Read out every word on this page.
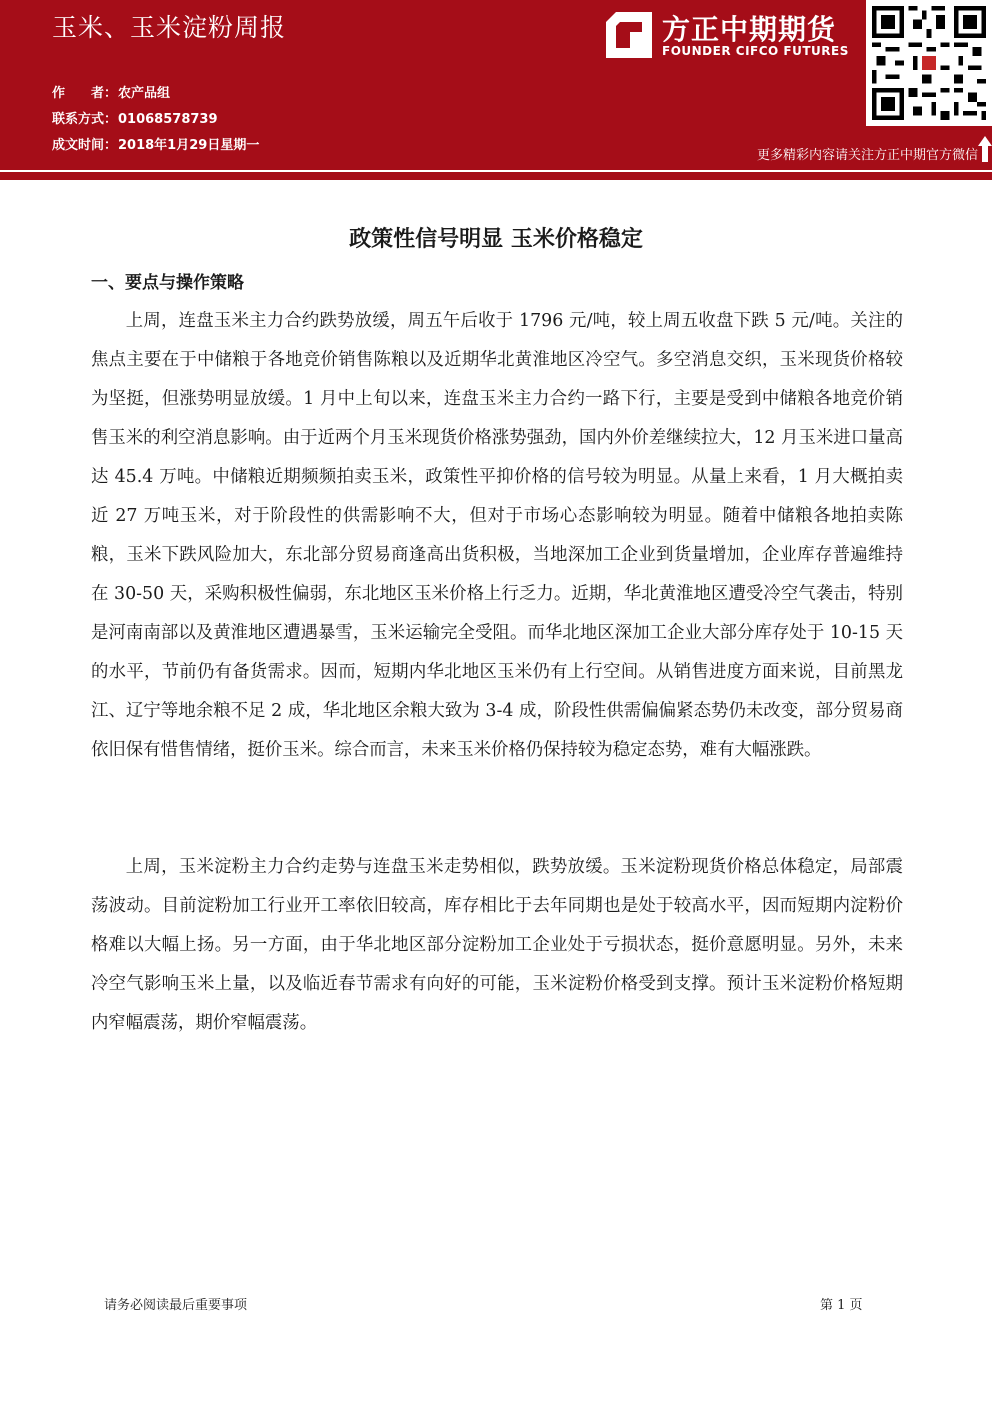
玉米、玉米淀粉周报
作　　者：农产品组
联系方式：01068578739
成文时间：2018年1月29日星期一
方正中期期货
FOUNDER CIFCO FUTURES
更多精彩内容请关注方正中期官方微信
政策性信号明显 玉米价格稳定
一、要点与操作策略

上周，连盘玉米主力合约跌势放缓，周五午后收于 1796 元/吨，较上周五收盘下跌 5 元/吨。关注的焦点主要在于中储粮于各地竞价销售陈粮以及近期华北黄淮地区冷空气。多空消息交织，玉米现货价格较为坚挺，但涨势明显放缓。1 月中上旬以来，连盘玉米主力合约一路下行，主要是受到中储粮各地竞价销售玉米的利空消息影响。由于近两个月玉米现货价格涨势强劲，国内外价差继续拉大，12 月玉米进口量高达 45.4 万吨。中储粮近期频频拍卖玉米，政策性平抑价格的信号较为明显。从量上来看，1 月大概拍卖近 27 万吨玉米，对于阶段性的供需影响不大，但对于市场心态影响较为明显。随着中储粮各地拍卖陈粮，玉米下跌风险加大，东北部分贸易商逢高出货积极，当地深加工企业到货量增加，企业库存普遍维持在 30-50 天，采购积极性偏弱，东北地区玉米价格上行乏力。近期，华北黄淮地区遭受冷空气袭击，特别是河南南部以及黄淮地区遭遇暴雪，玉米运输完全受阻。而华北地区深加工企业大部分库存处于 10-15 天的水平，节前仍有备货需求。因而，短期内华北地区玉米仍有上行空间。从销售进度方面来说，目前黑龙江、辽宁等地余粮不足 2 成，华北地区余粮大致为 3-4 成，阶段性供需偏偏紧态势仍未改变，部分贸易商依旧保有惜售情绪，挺价玉米。综合而言，未来玉米价格仍保持较为稳定态势，难有大幅涨跌。

上周，玉米淀粉主力合约走势与连盘玉米走势相似，跌势放缓。玉米淀粉现货价格总体稳定，局部震荡波动。目前淀粉加工行业开工率依旧较高，库存相比于去年同期也是处于较高水平，因而短期内淀粉价格难以大幅上扬。另一方面，由于华北地区部分淀粉加工企业处于亏损状态，挺价意愿明显。另外，未来冷空气影响玉米上量，以及临近春节需求有向好的可能，玉米淀粉价格受到支撑。预计玉米淀粉价格短期内窄幅震荡，期价窄幅震荡。

请务必阅读最后重要事项	第 1 页
